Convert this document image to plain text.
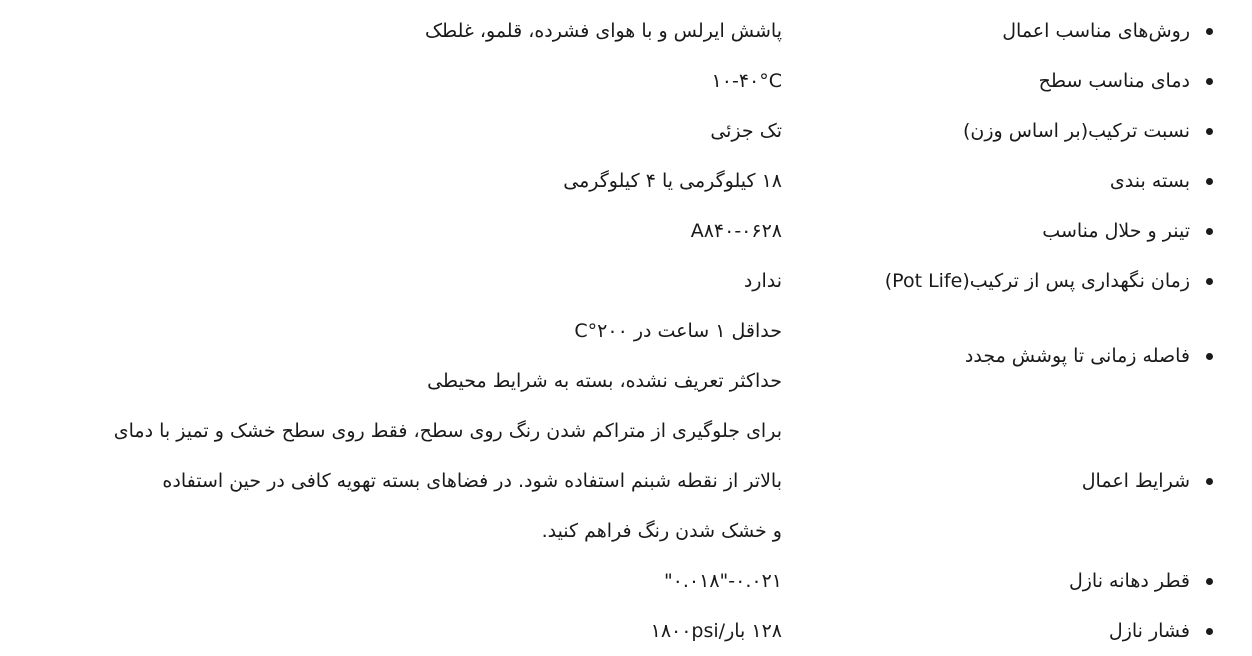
روش‌های مناسب اعمال	پاشش ایرلس و با هوای فشرده، قلمو، غلطک

دمای مناسب سطح	۱۰-۴۰°C

نسبت ترکیب(بر اساس وزن)	تک جزئی

بسته بندی	۱۸ کیلوگرمی یا ۴ کیلوگرمی

تینر و حلال مناسب	A۸۴۰-۰۶۲۸

زمان نگهداری پس از ترکیب(Pot Life)	ندارد

فاصله زمانی تا پوشش مجدد	حداقل ۱ ساعت در ۲۰۰°C
حداکثر تعریف نشده، بسته به شرایط محیطی

شرایط اعمال	برای جلوگیری از متراکم شدن رنگ روی سطح، فقط روی سطح خشک و تمیز با دمای
بالاتر از نقطه شبنم استفاده شود. در فضاهای بسته تهویه کافی در حین استفاده
و خشک شدن رنگ فراهم کنید.

قطر دهانه نازل	"۰.۰۱۸"-۰.۰۲۱

فشار نازل	۱۲۸ بار/۱۸۰۰psi
